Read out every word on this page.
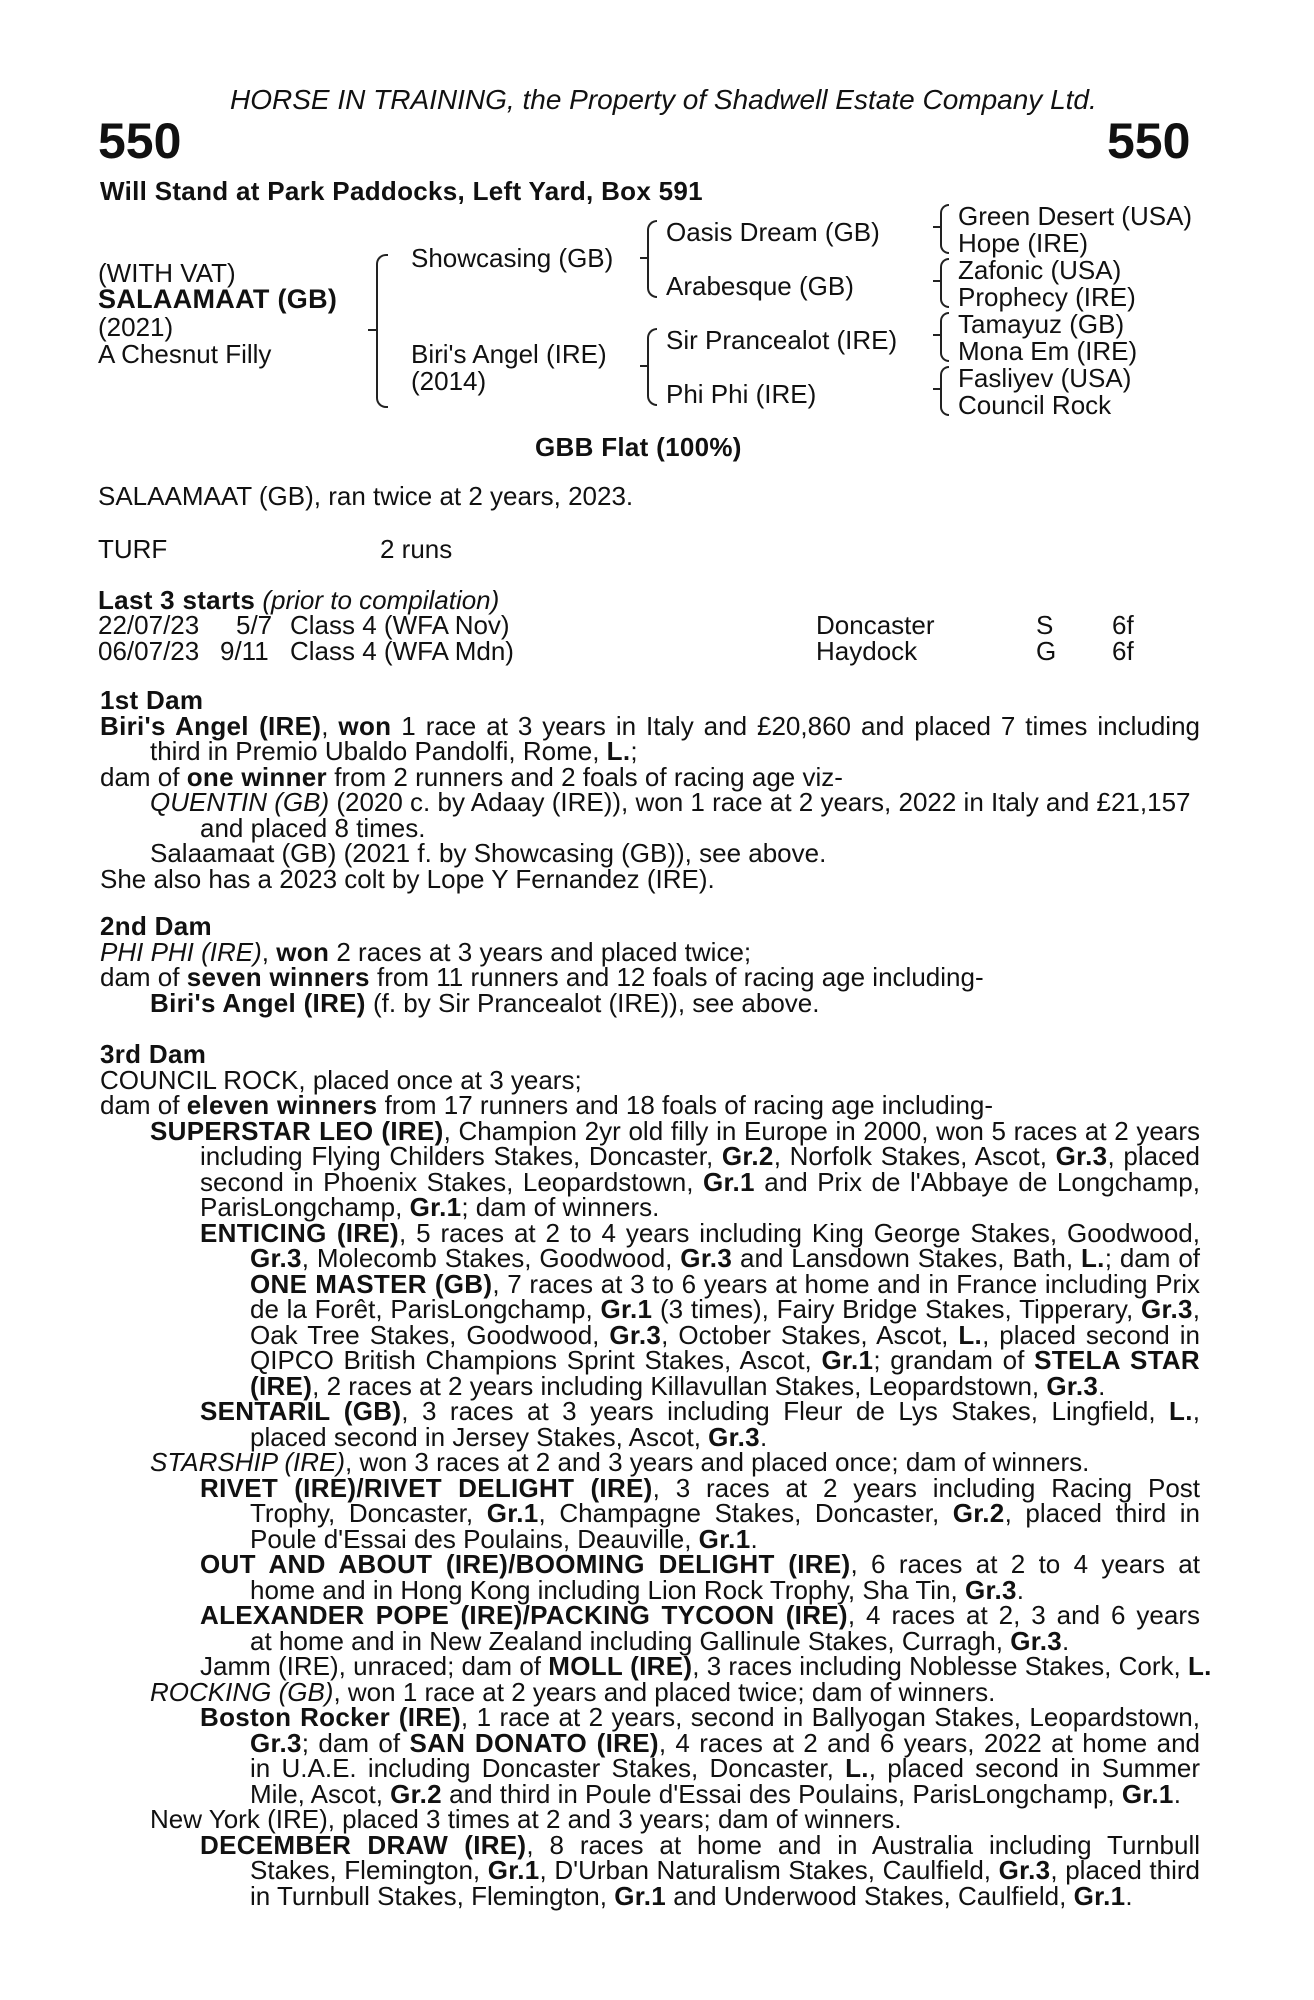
HORSE IN TRAINING, the Property of Shadwell Estate Company Ltd.
550	550
Will Stand at Park Paddocks, Left Yard, Box 591
(WITH VAT)
SALAAMAAT (GB)
(2021)
A Chesnut Filly
Showcasing (GB)
Biri's Angel (IRE)
(2014)
Oasis Dream (GB)
Arabesque (GB)
Sir Prancealot (IRE)
Phi Phi (IRE)
Green Desert (USA)
Hope (IRE)
Zafonic (USA)
Prophecy (IRE)
Tamayuz (GB)
Mona Em (IRE)
Fasliyev (USA)
Council Rock
GBB Flat (100%)
SALAAMAAT (GB), ran twice at 2 years, 2023.
TURF	2 runs
Last 3 starts (prior to compilation)
22/07/23 5/7 Class 4 (WFA Nov)	Doncaster	S 6f
06/07/23 9/11 Class 4 (WFA Mdn)	Haydock	G 6f
1st Dam
Biri's Angel (IRE), won 1 race at 3 years in Italy and £20,860 and placed 7 times including
third in Premio Ubaldo Pandolfi, Rome, L.;
dam of one winner from 2 runners and 2 foals of racing age viz-
QUENTIN (GB) (2020 c. by Adaay (IRE)), won 1 race at 2 years, 2022 in Italy and £21,157
and placed 8 times.
Salaamaat (GB) (2021 f. by Showcasing (GB)), see above.
She also has a 2023 colt by Lope Y Fernandez (IRE).
2nd Dam
PHI PHI (IRE), won 2 races at 3 years and placed twice;
dam of seven winners from 11 runners and 12 foals of racing age including-
Biri's Angel (IRE) (f. by Sir Prancealot (IRE)), see above.
3rd Dam
COUNCIL ROCK, placed once at 3 years;
dam of eleven winners from 17 runners and 18 foals of racing age including-
SUPERSTAR LEO (IRE), Champion 2yr old filly in Europe in 2000, won 5 races at 2 years
including Flying Childers Stakes, Doncaster, Gr.2, Norfolk Stakes, Ascot, Gr.3, placed
second in Phoenix Stakes, Leopardstown, Gr.1 and Prix de l'Abbaye de Longchamp,
ParisLongchamp, Gr.1; dam of winners.
ENTICING (IRE), 5 races at 2 to 4 years including King George Stakes, Goodwood,
Gr.3, Molecomb Stakes, Goodwood, Gr.3 and Lansdown Stakes, Bath, L.; dam of
ONE MASTER (GB), 7 races at 3 to 6 years at home and in France including Prix
de la Forêt, ParisLongchamp, Gr.1 (3 times), Fairy Bridge Stakes, Tipperary, Gr.3,
Oak Tree Stakes, Goodwood, Gr.3, October Stakes, Ascot, L., placed second in
QIPCO British Champions Sprint Stakes, Ascot, Gr.1; grandam of STELA STAR
(IRE), 2 races at 2 years including Killavullan Stakes, Leopardstown, Gr.3.
SENTARIL (GB), 3 races at 3 years including Fleur de Lys Stakes, Lingfield, L.,
placed second in Jersey Stakes, Ascot, Gr.3.
STARSHIP (IRE), won 3 races at 2 and 3 years and placed once; dam of winners.
RIVET (IRE)/RIVET DELIGHT (IRE), 3 races at 2 years including Racing Post
Trophy, Doncaster, Gr.1, Champagne Stakes, Doncaster, Gr.2, placed third in
Poule d'Essai des Poulains, Deauville, Gr.1.
OUT AND ABOUT (IRE)/BOOMING DELIGHT (IRE), 6 races at 2 to 4 years at
home and in Hong Kong including Lion Rock Trophy, Sha Tin, Gr.3.
ALEXANDER POPE (IRE)/PACKING TYCOON (IRE), 4 races at 2, 3 and 6 years
at home and in New Zealand including Gallinule Stakes, Curragh, Gr.3.
Jamm (IRE), unraced; dam of MOLL (IRE), 3 races including Noblesse Stakes, Cork, L.
ROCKING (GB), won 1 race at 2 years and placed twice; dam of winners.
Boston Rocker (IRE), 1 race at 2 years, second in Ballyogan Stakes, Leopardstown,
Gr.3; dam of SAN DONATO (IRE), 4 races at 2 and 6 years, 2022 at home and
in U.A.E. including Doncaster Stakes, Doncaster, L., placed second in Summer
Mile, Ascot, Gr.2 and third in Poule d'Essai des Poulains, ParisLongchamp, Gr.1.
New York (IRE), placed 3 times at 2 and 3 years; dam of winners.
DECEMBER DRAW (IRE), 8 races at home and in Australia including Turnbull
Stakes, Flemington, Gr.1, D'Urban Naturalism Stakes, Caulfield, Gr.3, placed third
in Turnbull Stakes, Flemington, Gr.1 and Underwood Stakes, Caulfield, Gr.1.
